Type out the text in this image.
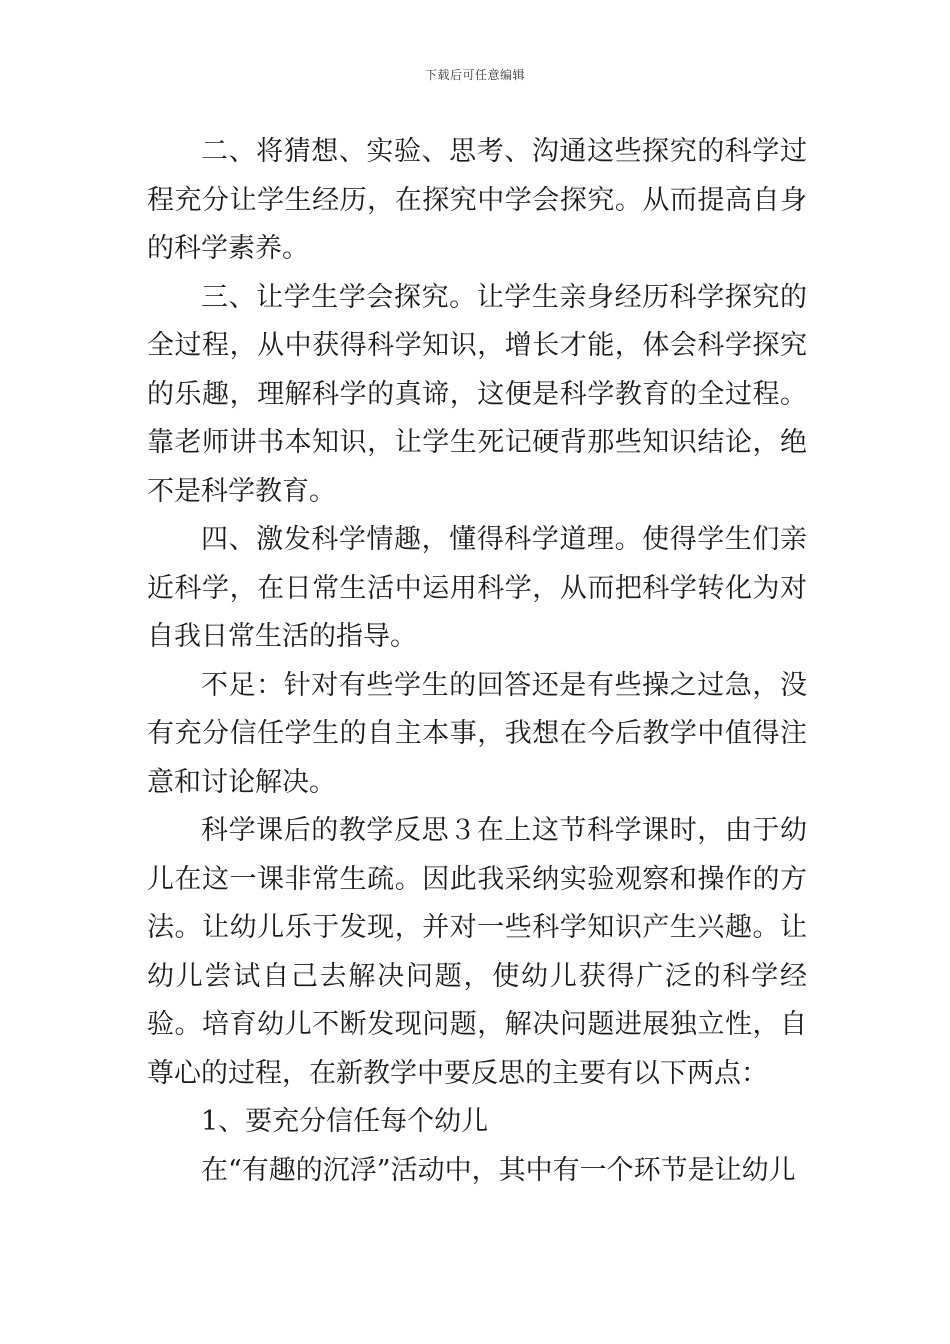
下载后可任意编辑

二、将猜想、实验、思考、沟通这些探究的科学过程充分让学生经历，在探究中学会探究。从而提高自身的科学素养。

三、让学生学会探究。让学生亲身经历科学探究的全过程，从中获得科学知识，增长才能，体会科学探究的乐趣，理解科学的真谛，这便是科学教育的全过程。靠老师讲书本知识，让学生死记硬背那些知识结论，绝不是科学教育。

四、激发科学情趣，懂得科学道理。使得学生们亲近科学，在日常生活中运用科学，从而把科学转化为对自我日常生活的指导。

不足：针对有些学生的回答还是有些操之过急，没有充分信任学生的自主本事，我想在今后教学中值得注意和讨论解决。

科学课后的教学反思３在上这节科学课时，由于幼儿在这一课非常生疏。因此我采纳实验观察和操作的方法。让幼儿乐于发现，并对一些科学知识产生兴趣。让幼儿尝试自己去解决问题，使幼儿获得广泛的科学经验。培育幼儿不断发现问题，解决问题进展独立性，自尊心的过程，在新教学中要反思的主要有以下两点：

1、要充分信任每个幼儿

在“有趣的沉浮”活动中，其中有一个环节是让幼儿
